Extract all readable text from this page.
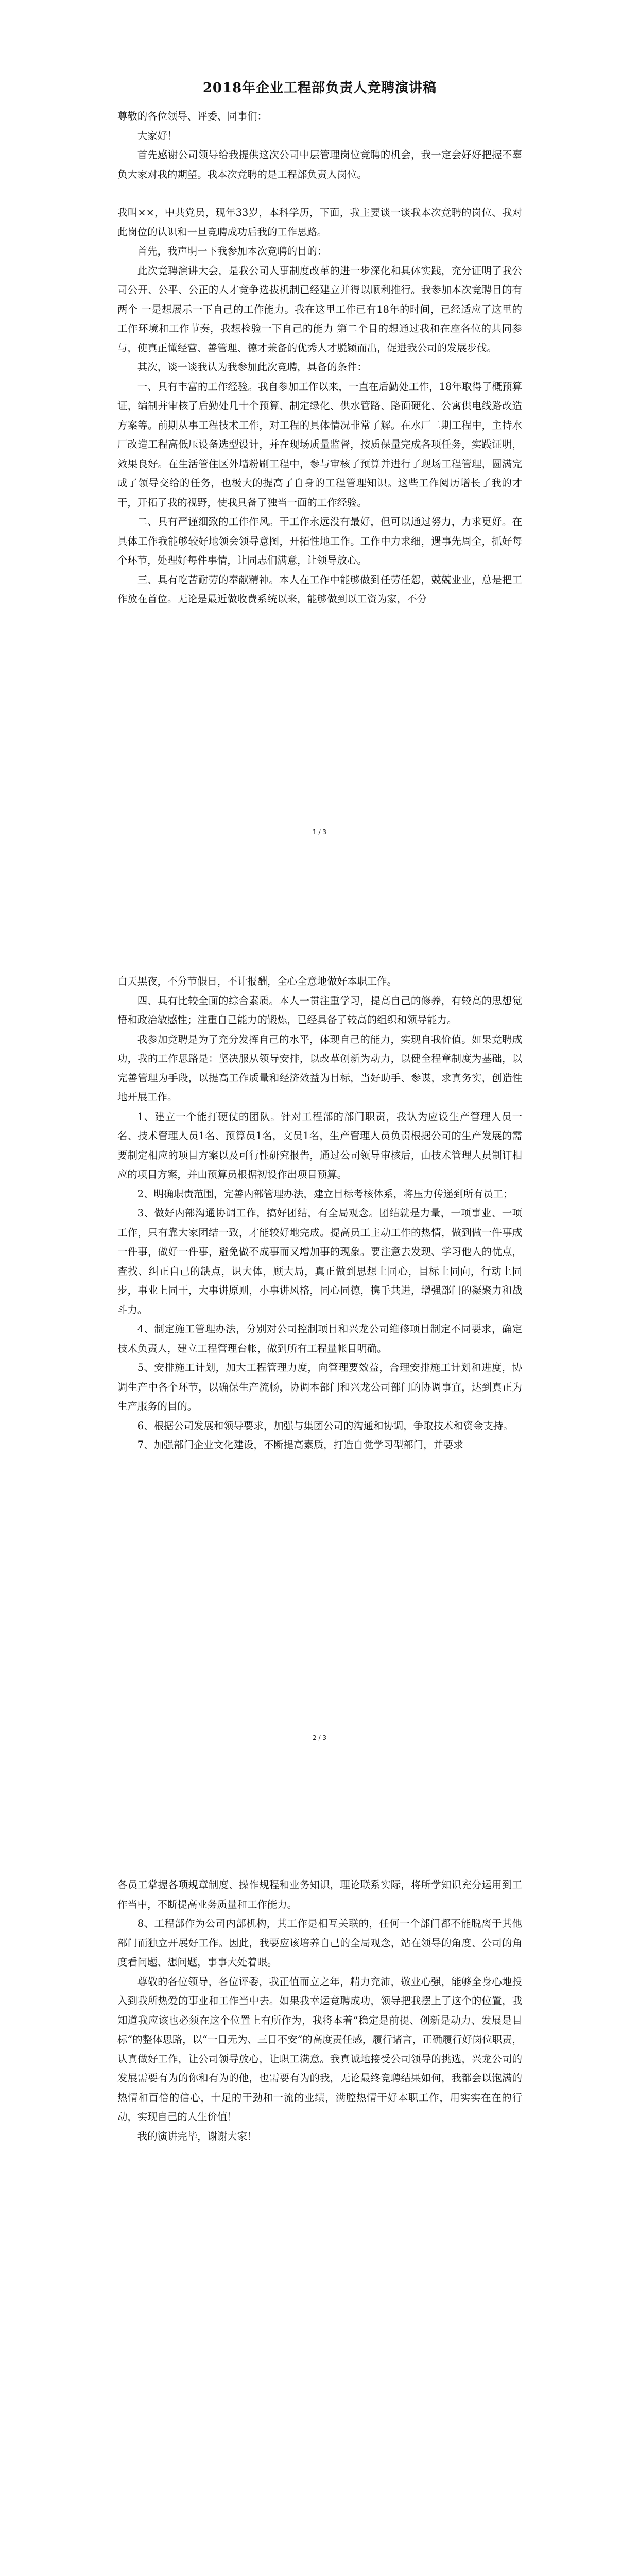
2018年企业工程部负责人竞聘演讲稿

尊敬的各位领导、评委、同事们：

大家好！

首先感谢公司领导给我提供这次公司中层管理岗位竞聘的机会，我一定会好好把握不辜负大家对我的期望。我本次竞聘的是工程部负责人岗位。

我叫××，中共党员，现年33岁，本科学历，下面，我主要谈一谈我本次竞聘的岗位、我对此岗位的认识和一旦竞聘成功后我的工作思路。

首先，我声明一下我参加本次竞聘的目的：

此次竞聘演讲大会，是我公司人事制度改革的进一步深化和具体实践，充分证明了我公司公开、公平、公正的人才竞争选拔机制已经建立并得以顺利推行。我参加本次竞聘目的有两个 一是想展示一下自己的工作能力。我在这里工作已有18年的时间，已经适应了这里的工作环境和工作节奏，我想检验一下自己的能力 第二个目的想通过我和在座各位的共同参与，使真正懂经营、善管理、德才兼备的优秀人才脱颖而出，促进我公司的发展步伐。

其次，谈一谈我认为我参加此次竞聘，具备的条件：

一、具有丰富的工作经验。我自参加工作以来，一直在后勤处工作，18年取得了概预算证，编制并审核了后勤处几十个预算、制定绿化、供水管路、路面硬化、公寓供电线路改造方案等。前期从事工程技术工作，对工程的具体情况非常了解。在水厂二期工程中，主持水厂改造工程高低压设备选型设计，并在现场质量监督，按质保量完成各项任务，实践证明，效果良好。在生活管住区外墙粉刷工程中，参与审核了预算并进行了现场工程管理，圆满完成了领导交给的任务，也极大的提高了自身的工程管理知识。这些工作阅历增长了我的才干，开拓了我的视野，使我具备了独当一面的工作经验。

二、具有严谨细致的工作作风。干工作永远没有最好，但可以通过努力，力求更好。在具体工作我能够较好地领会领导意图，开拓性地工作。工作中力求细，遇事先周全，抓好每个环节，处理好每件事情，让同志们满意，让领导放心。

三、具有吃苦耐劳的奉献精神。本人在工作中能够做到任劳任怨，兢兢业业，总是把工作放在首位。无论是最近做收费系统以来，能够做到以工资为家，不分

1 / 3

白天黑夜，不分节假日，不计报酬，全心全意地做好本职工作。

四、具有比较全面的综合素质。本人一贯注重学习，提高自己的修养，有较高的思想觉悟和政治敏感性；注重自己能力的锻炼，已经具备了较高的组织和领导能力。

我参加竞聘是为了充分发挥自己的水平，体现自己的能力，实现自我价值。如果竞聘成功，我的工作思路是：坚决服从领导安排，以改革创新为动力，以健全程章制度为基础，以完善管理为手段，以提高工作质量和经济效益为目标，当好助手、参谋，求真务实，创造性地开展工作。

1、建立一个能打硬仗的团队。针对工程部的部门职责，我认为应设生产管理人员一名、技术管理人员1名、预算员1名，文员1名，生产管理人员负责根据公司的生产发展的需要制定相应的项目方案以及可行性研究报告，通过公司领导审核后，由技术管理人员制订相应的项目方案，并由预算员根据初设作出项目预算。

2、明确职责范围，完善内部管理办法，建立目标考核体系，将压力传递到所有员工；

3、做好内部沟通协调工作，搞好团结，有全局观念。团结就是力量，一项事业、一项工作，只有靠大家团结一致，才能较好地完成。提高员工主动工作的热情，做到做一件事成一件事，做好一件事，避免做不成事而又增加事的现象。要注意去发现、学习他人的优点，查找、纠正自己的缺点，识大体，顾大局，真正做到思想上同心，目标上同向，行动上同步，事业上同干，大事讲原则，小事讲风格，同心同德，携手共进，增强部门的凝聚力和战斗力。

4、制定施工管理办法，分别对公司控制项目和兴龙公司维修项目制定不同要求，确定技术负责人，建立工程管理台帐，做到所有工程量帐目明确。

5、安排施工计划，加大工程管理力度，向管理要效益，合理安排施工计划和进度，协调生产中各个环节，以确保生产流畅，协调本部门和兴龙公司部门的协调事宜，达到真正为生产服务的目的。

6、根据公司发展和领导要求，加强与集团公司的沟通和协调，争取技术和资金支持。

7、加强部门企业文化建设，不断提高素质，打造自觉学习型部门，并要求

2 / 3

各员工掌握各项规章制度、操作规程和业务知识，理论联系实际，将所学知识充分运用到工作当中，不断提高业务质量和工作能力。

8、工程部作为公司内部机构，其工作是相互关联的，任何一个部门都不能脱离于其他部门而独立开展好工作。因此，我要应该培养自己的全局观念，站在领导的角度、公司的角度看问题、想问题，事事大处着眼。

尊敬的各位领导，各位评委，我正值而立之年，精力充沛，敬业心强，能够全身心地投入到我所热爱的事业和工作当中去。如果我幸运竞聘成功，领导把我摆上了这个的位置，我知道我应该也必须在这个位置上有所作为，我将本着“稳定是前提、创新是动力、发展是目标”的整体思路，以“一日无为、三日不安”的高度责任感，履行诸言，正确履行好岗位职责，认真做好工作，让公司领导放心，让职工满意。我真诚地接受公司领导的挑选，兴龙公司的发展需要有为的你和有为的他，也需要有为的我，无论最终竞聘结果如何，我都会以饱满的热情和百倍的信心，十足的干劲和一流的业绩，满腔热情干好本职工作，用实实在在的行动，实现自己的人生价值！

我的演讲完毕，谢谢大家！
